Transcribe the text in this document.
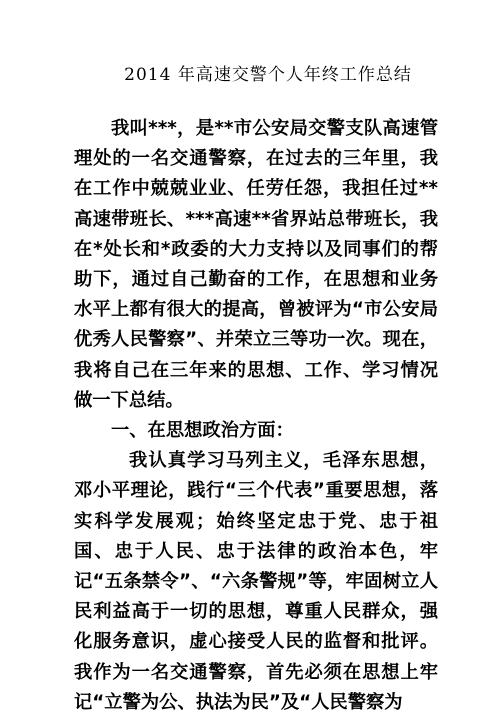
2014 年高速交警个人年终工作总结

我叫***，是**市公安局交警支队高速管理处的一名交通警察，在过去的三年里，我在工作中兢兢业业、任劳任怨，我担任过**高速带班长、***高速**省界站总带班长，我在*处长和*政委的大力支持以及同事们的帮助下，通过自己勤奋的工作，在思想和业务水平上都有很大的提高，曾被评为“市公安局优秀人民警察”、并荣立三等功一次。现在，我将自己在三年来的思想、工作、学习情况做一下总结。

一、在思想政治方面：

我认真学习马列主义，毛泽东思想，邓小平理论，践行“三个代表”重要思想，落实科学发展观；始终坚定忠于党、忠于祖国、忠于人民、忠于法律的政治本色，牢记“五条禁令”、“六条警规”等，牢固树立人民利益高于一切的思想，尊重人民群众，强化服务意识，虚心接受人民的监督和批评。我作为一名交通警察，首先必须在思想上牢记“立警为公、执法为民”及“人民警察为
